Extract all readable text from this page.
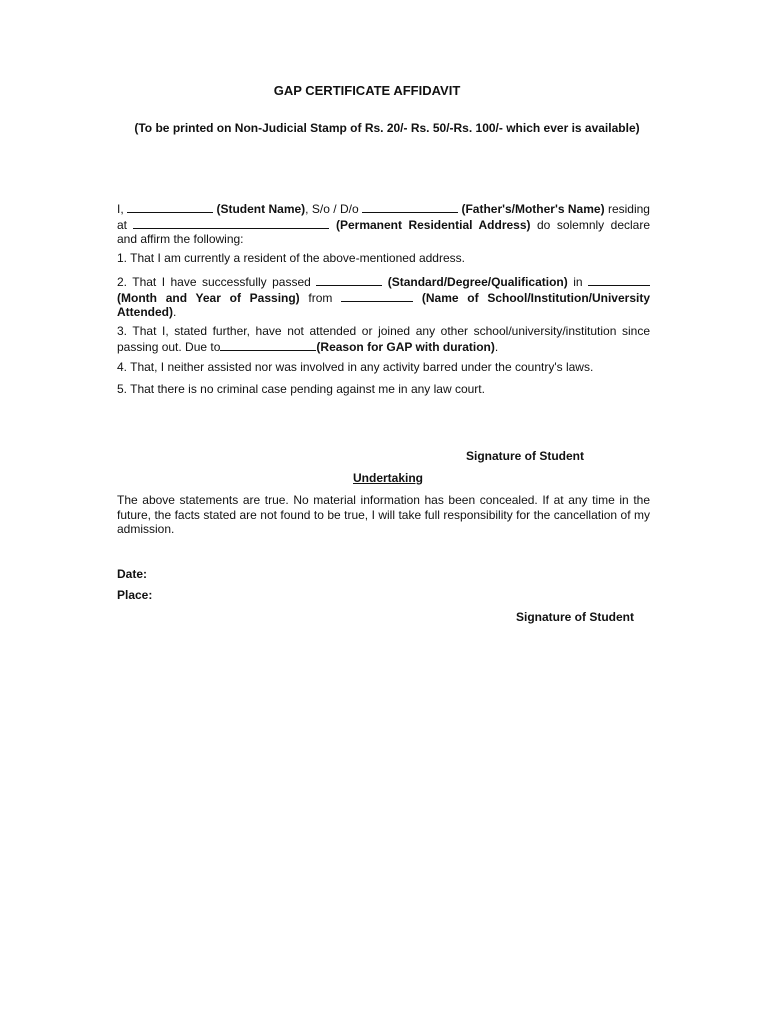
GAP CERTIFICATE AFFIDAVIT
(To be printed on Non-Judicial Stamp of Rs. 20/- Rs. 50/-Rs. 100/- which ever is available)

I,	(Student Name), S/o / D/o	(Father's/Mother's Name) residing at	(Permanent Residential Address) do solemnly declare and affirm the following:

1. That I am currently a resident of the above-mentioned address.

2. That I have successfully passed	(Standard/Degree/Qualification) in  (Month and Year of Passing) from	(Name of School/Institution/University Attended).

3. That I, stated further, have not attended or joined any other school/university/institution since passing out. Due to	(Reason for GAP with duration).

4. That, I neither assisted nor was involved in any activity barred under the country's laws.

5. That there is no criminal case pending against me in any law court.

Signature of Student
Undertaking

The above statements are true. No material information has been concealed. If at any time in the future, the facts stated are not found to be true, I will take full responsibility for the cancellation of my admission.

Date:
Place:
Signature of Student
